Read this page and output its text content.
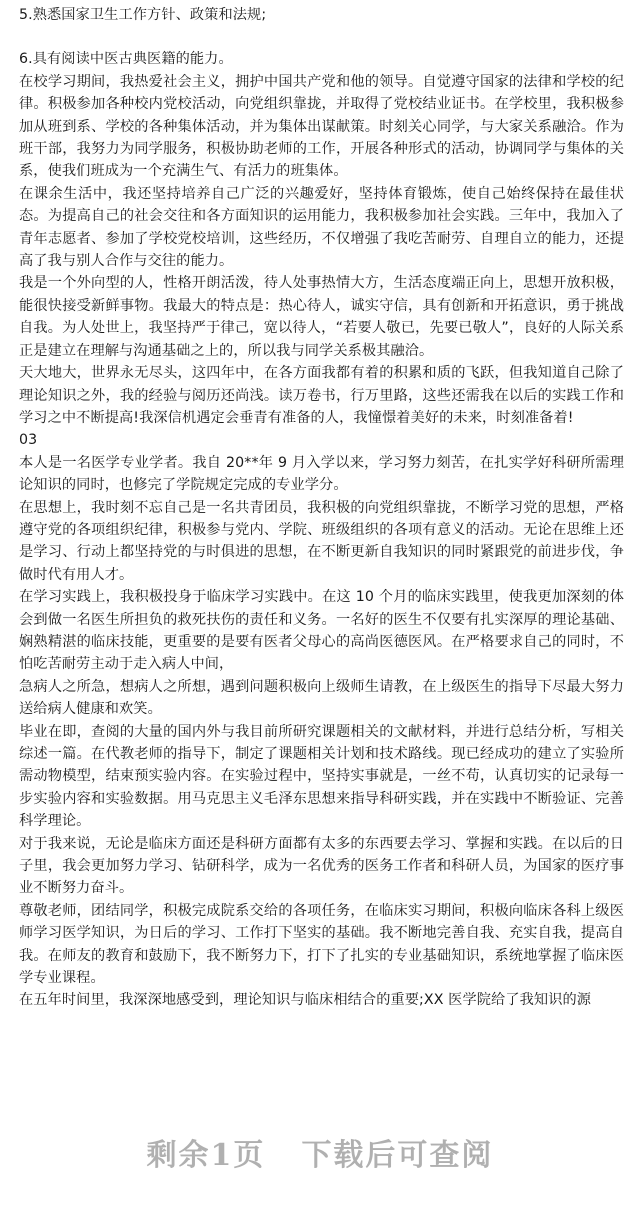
5.熟悉国家卫生工作方针、政策和法规;

6.具有阅读中医古典医籍的能力。

在校学习期间，我热爱社会主义，拥护中国共产党和他的领导。自觉遵守国家的法律和学校的纪律。积极参加各种校内党校活动，向党组织靠拢，并取得了党校结业证书。在学校里，我积极参加从班到系、学校的各种集体活动，并为集体出谋献策。时刻关心同学，与大家关系融洽。作为班干部，我努力为同学服务，积极协助老师的工作，开展各种形式的活动，协调同学与集体的关系，使我们班成为一个充满生气、有活力的班集体。

在课余生活中，我还坚持培养自己广泛的兴趣爱好，坚持体育锻炼，使自己始终保持在最佳状态。为提高自己的社会交往和各方面知识的运用能力，我积极参加社会实践。三年中，我加入了青年志愿者、参加了学校党校培训，这些经历，不仅增强了我吃苦耐劳、自理自立的能力，还提高了我与别人合作与交往的能力。

我是一个外向型的人，性格开朗活泼，待人处事热情大方，生活态度端正向上，思想开放积极，能很快接受新鲜事物。我最大的特点是：热心待人，诚实守信，具有创新和开拓意识，勇于挑战自我。为人处世上，我坚持严于律己，宽以待人，“若要人敬已，先要已敬人”，良好的人际关系正是建立在理解与沟通基础之上的，所以我与同学关系极其融洽。

天大地大，世界永无尽头，这四年中，在各方面我都有着的积累和质的飞跃，但我知道自己除了理论知识之外，我的经验与阅历还尚浅。读万卷书，行万里路，这些还需我在以后的实践工作和学习之中不断提高!我深信机遇定会垂青有准备的人，我憧憬着美好的未来，时刻准备着!

03

本人是一名医学专业学者。我自 20**年 9 月入学以来，学习努力刻苦，在扎实学好科研所需理论知识的同时，也修完了学院规定完成的专业学分。

在思想上，我时刻不忘自己是一名共青团员，我积极的向党组织靠拢，不断学习党的思想，严格遵守党的各项组织纪律，积极参与党内、学院、班级组织的各项有意义的活动。无论在思维上还是学习、行动上都坚持党的与时俱进的思想，在不断更新自我知识的同时紧跟党的前进步伐，争做时代有用人才。

在学习实践上，我积极投身于临床学习实践中。在这 10 个月的临床实践里，使我更加深刻的体会到做一名医生所担负的救死扶伤的责任和义务。一名好的医生不仅要有扎实深厚的理论基础、娴熟精湛的临床技能，更重要的是要有医者父母心的高尚医德医风。在严格要求自己的同时，不怕吃苦耐劳主动于走入病人中间，

急病人之所急，想病人之所想，遇到问题积极向上级师生请教，在上级医生的指导下尽最大努力送给病人健康和欢笑。

毕业在即，查阅的大量的国内外与我目前所研究课题相关的文献材料，并进行总结分析，写相关综述一篇。在代教老师的指导下，制定了课题相关计划和技术路线。现已经成功的建立了实验所需动物模型，结束预实验内容。在实验过程中，坚持实事就是，一丝不苟，认真切实的记录每一步实验内容和实验数据。用马克思主义毛泽东思想来指导科研实践，并在实践中不断验证、完善科学理论。

对于我来说，无论是临床方面还是科研方面都有太多的东西要去学习、掌握和实践。在以后的日子里，我会更加努力学习、钻研科学，成为一名优秀的医务工作者和科研人员，为国家的医疗事业不断努力奋斗。

尊敬老师，团结同学，积极完成院系交给的各项任务，在临床实习期间，积极向临床各科上级医师学习医学知识，为日后的学习、工作打下坚实的基础。我不断地完善自我、充实自我，提高自我。在师友的教育和鼓励下，我不断努力下，打下了扎实的专业基础知识，系统地掌握了临床医学专业课程。

在五年时间里，我深深地感受到，理论知识与临床相结合的重要;XX 医学院给了我知识的源

剩余1页 下载后可查阅
